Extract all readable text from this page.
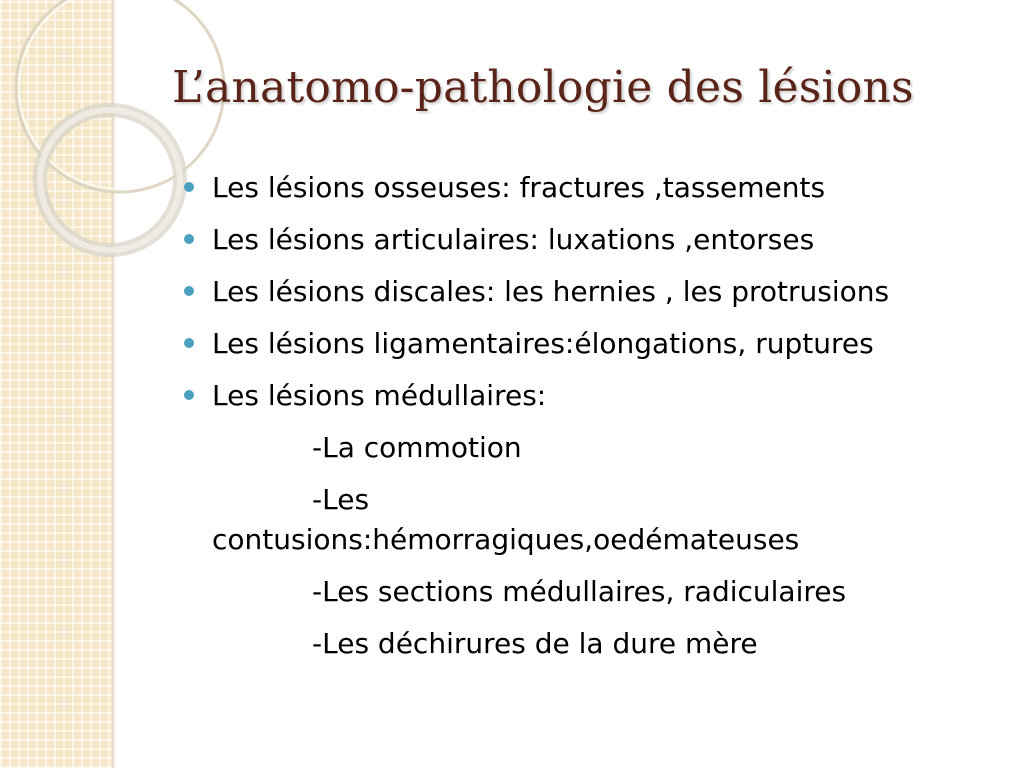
L’anatomo-pathologie des lésions
Les lésions osseuses: fractures ,tassements
Les lésions articulaires: luxations ,entorses
Les lésions discales: les hernies , les protrusions
Les lésions ligamentaires:élongations, ruptures
Les lésions médullaires:
-La commotion
-Les
contusions:hémorragiques,oedémateuses
-Les sections médullaires, radiculaires
-Les déchirures de la dure mère
